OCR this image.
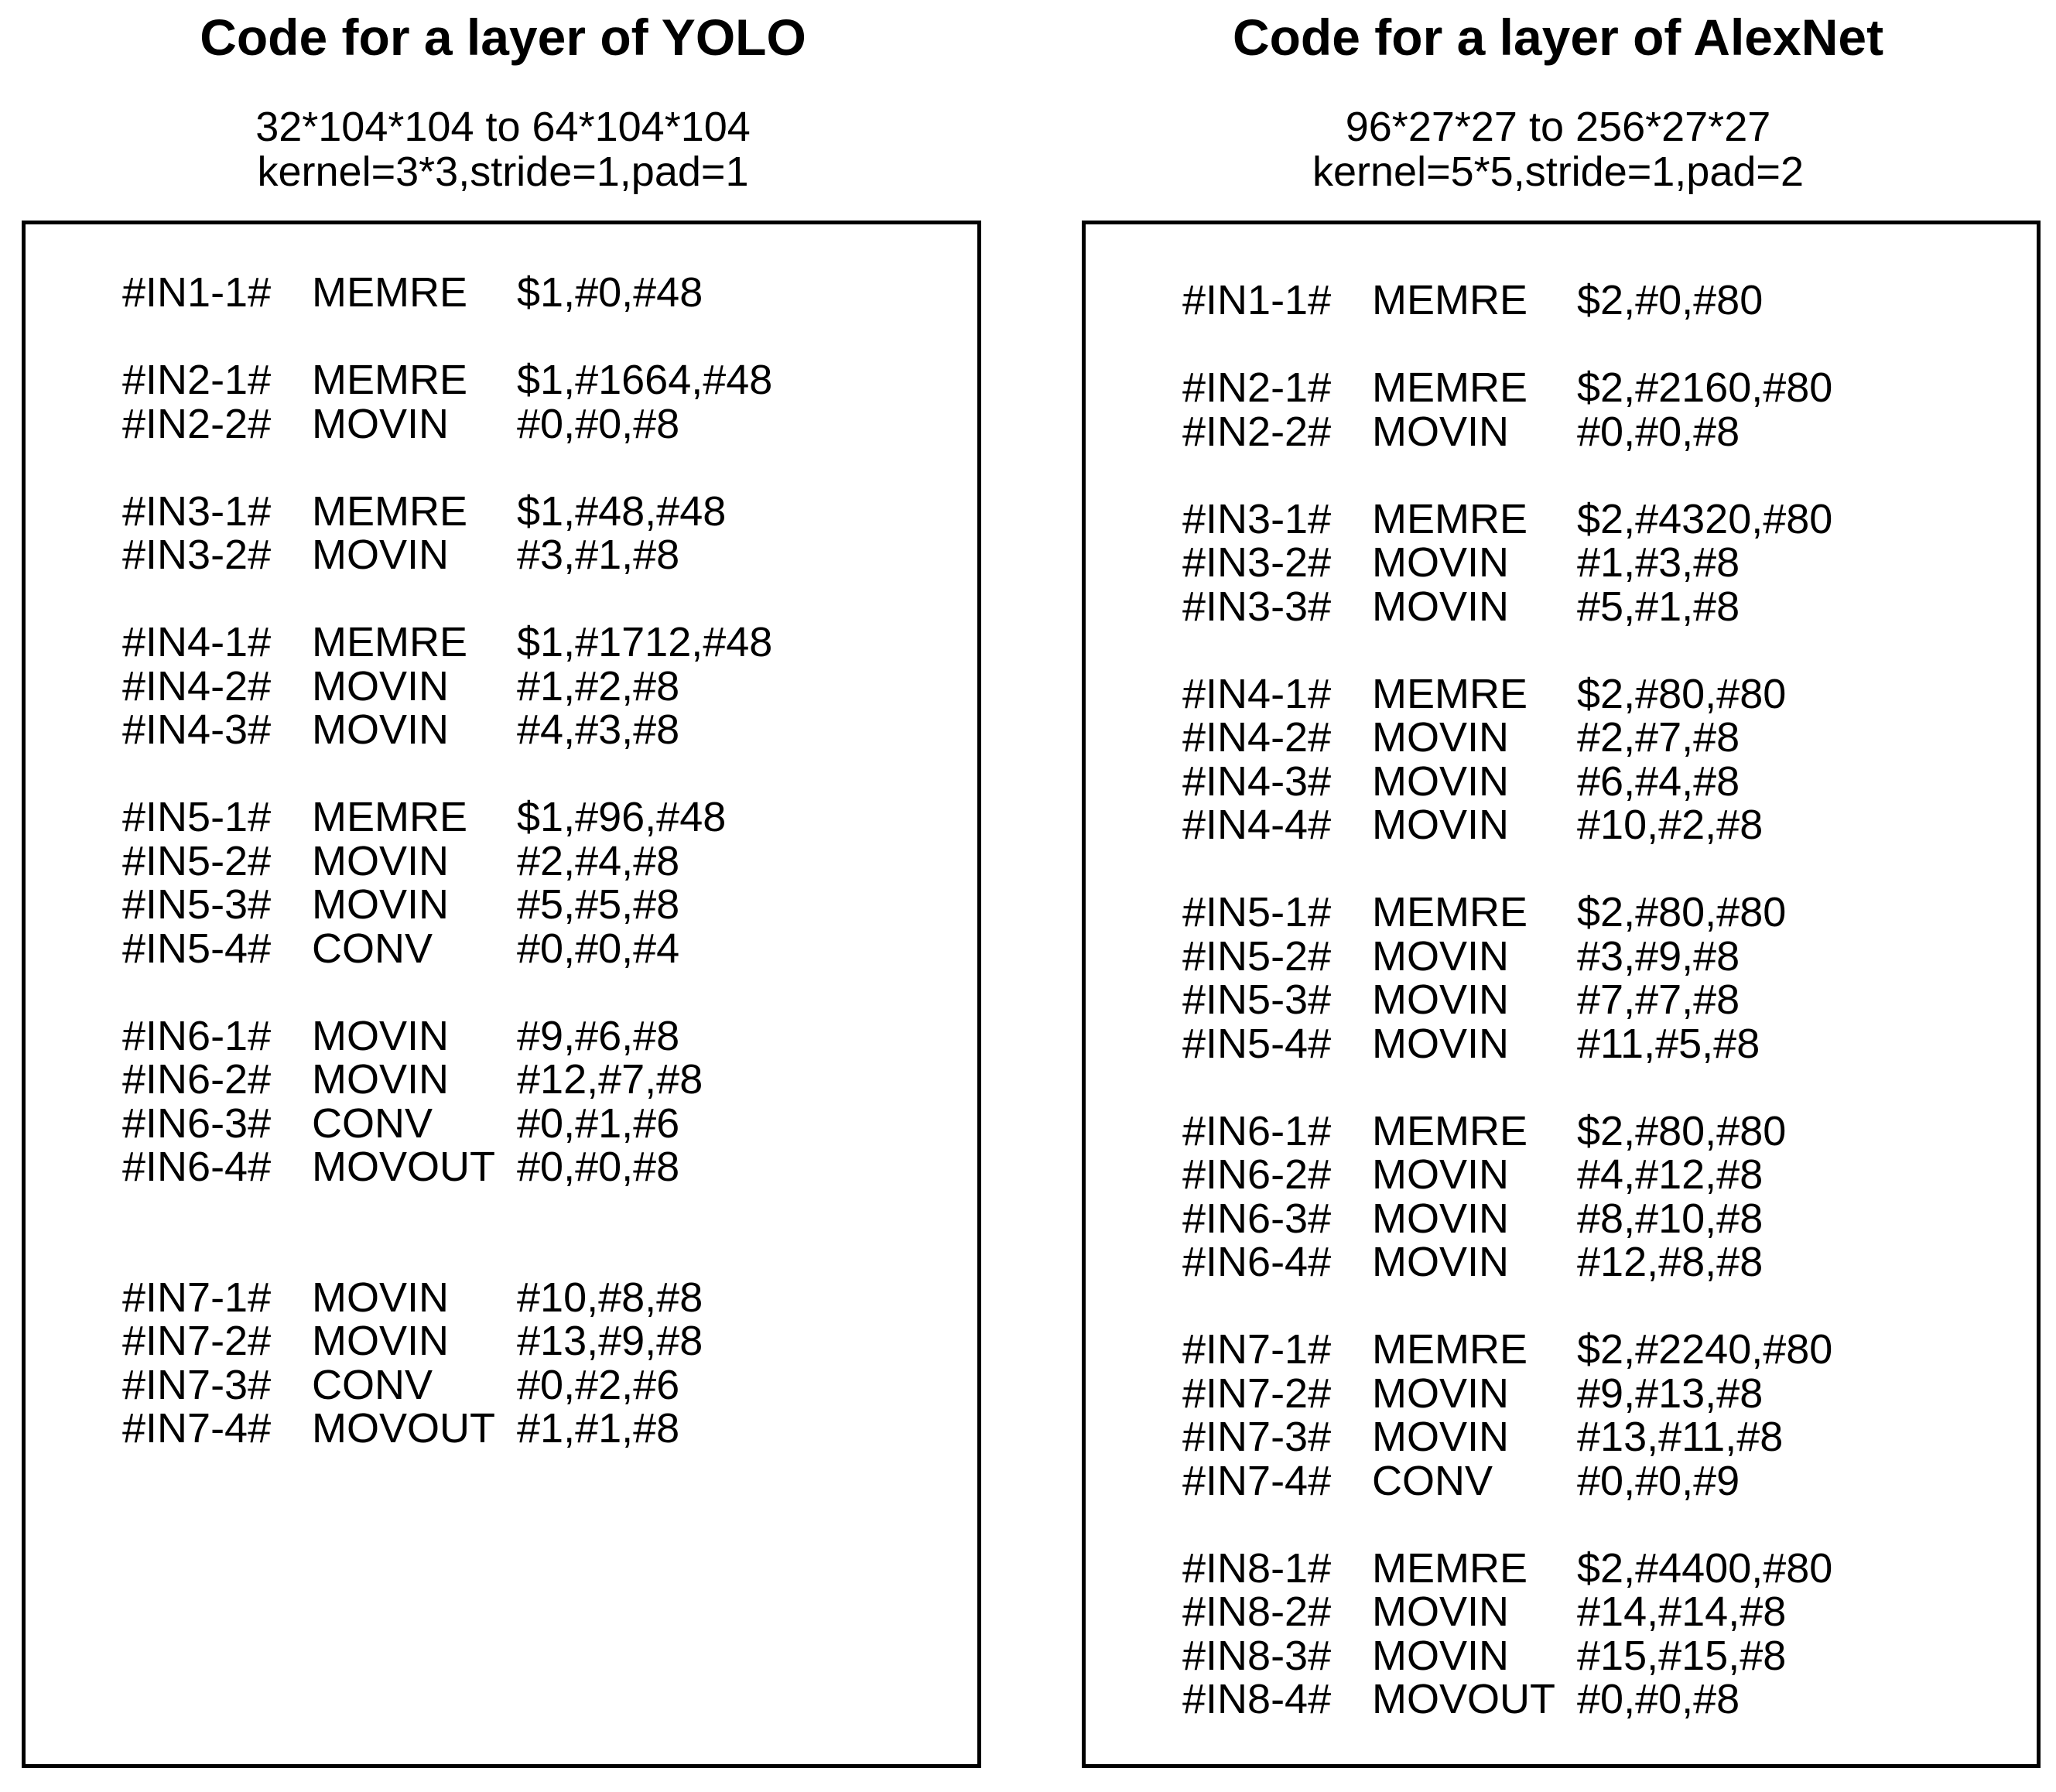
Code for a layer of YOLO
32*104*104 to 64*104*104
kernel=3*3,stride=1,pad=1
#IN1-1# MEMRE $1,#0,#48
#IN2-1# MEMRE $1,#1664,#48
#IN2-2# MOVIN #0,#0,#8
#IN3-1# MEMRE $1,#48,#48
#IN3-2# MOVIN #3,#1,#8
#IN4-1# MEMRE $1,#1712,#48
#IN4-2# MOVIN #1,#2,#8
#IN4-3# MOVIN #4,#3,#8
#IN5-1# MEMRE $1,#96,#48
#IN5-2# MOVIN #2,#4,#8
#IN5-3# MOVIN #5,#5,#8
#IN5-4# CONV #0,#0,#4
#IN6-1# MOVIN #9,#6,#8
#IN6-2# MOVIN #12,#7,#8
#IN6-3# CONV #0,#1,#6
#IN6-4# MOVOUT #0,#0,#8
#IN7-1# MOVIN #10,#8,#8
#IN7-2# MOVIN #13,#9,#8
#IN7-3# CONV #0,#2,#6
#IN7-4# MOVOUT #1,#1,#8
Code for a layer of AlexNet
96*27*27 to 256*27*27
kernel=5*5,stride=1,pad=2
#IN1-1# MEMRE $2,#0,#80
#IN2-1# MEMRE $2,#2160,#80
#IN2-2# MOVIN #0,#0,#8
#IN3-1# MEMRE $2,#4320,#80
#IN3-2# MOVIN #1,#3,#8
#IN3-3# MOVIN #5,#1,#8
#IN4-1# MEMRE $2,#80,#80
#IN4-2# MOVIN #2,#7,#8
#IN4-3# MOVIN #6,#4,#8
#IN4-4# MOVIN #10,#2,#8
#IN5-1# MEMRE $2,#80,#80
#IN5-2# MOVIN #3,#9,#8
#IN5-3# MOVIN #7,#7,#8
#IN5-4# MOVIN #11,#5,#8
#IN6-1# MEMRE $2,#80,#80
#IN6-2# MOVIN #4,#12,#8
#IN6-3# MOVIN #8,#10,#8
#IN6-4# MOVIN #12,#8,#8
#IN7-1# MEMRE $2,#2240,#80
#IN7-2# MOVIN #9,#13,#8
#IN7-3# MOVIN #13,#11,#8
#IN7-4# CONV #0,#0,#9
#IN8-1# MEMRE $2,#4400,#80
#IN8-2# MOVIN #14,#14,#8
#IN8-3# MOVIN #15,#15,#8
#IN8-4# MOVOUT #0,#0,#8
